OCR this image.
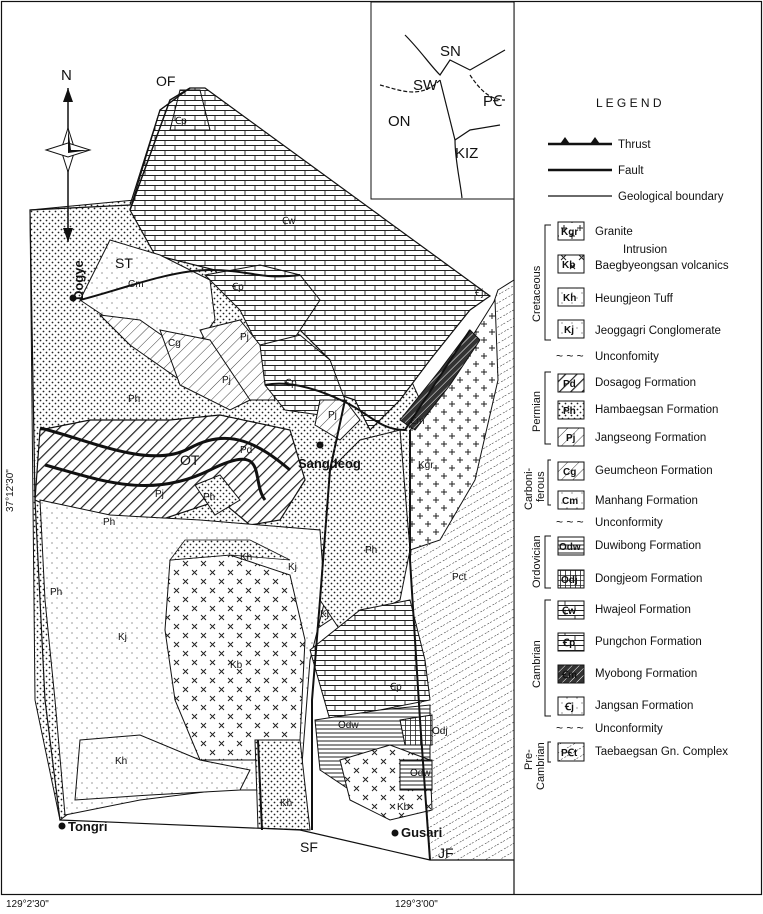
N
SN
SW
PꞒ
ON
KIZ
OF
ST
OT
SF	JF
Dogye
Sangdeog
Tongri	Gusari
37°12'30"
129°2'30"	129°3'00"
Ꞓp
Ꞓw
Cm	Ꞓp
Cg
Pj
Pj	Ꞓp
Pj
Ꞓj
Ph
Pd
Pj	Ph
Ph
Ph
Ph
Kgr
Pct
Kh
Kj
Kj
Kj
Kb
Ꞓp
Odw
Odj
Odw
Kb
Kh
Kh
Ꞓm
L E G E N D
Thrust
Fault
Geological boundary
Cretaceous
Kgr Granite
Intrusion
Kb Baegbyeongsan volcanics
Kh Heungjeon Tuff
Kj Jeoggagri Conglomerate
~ ~ ~ Unconfomity
Permian
Pd Dosagog Formation
Ph Hambaegsan Formation
Pj Jangseong Formation
Carboni- ferous Cg Geumcheon Formation
Cm Manhang Formation
~ ~ ~ Unconformity
Ordovician Odw Duwibong Formation
Odj Dongjeom Formation
Cambrian
Ꞓw Hwajeol Formation
Ꞓp Pungchon Formation
Ꞓm Myobong Formation
Ꞓj Jangsan Formation
~ ~ ~ Unconformity
Pre- Cambrian PꞒt Taebaegsan Gn. Complex
